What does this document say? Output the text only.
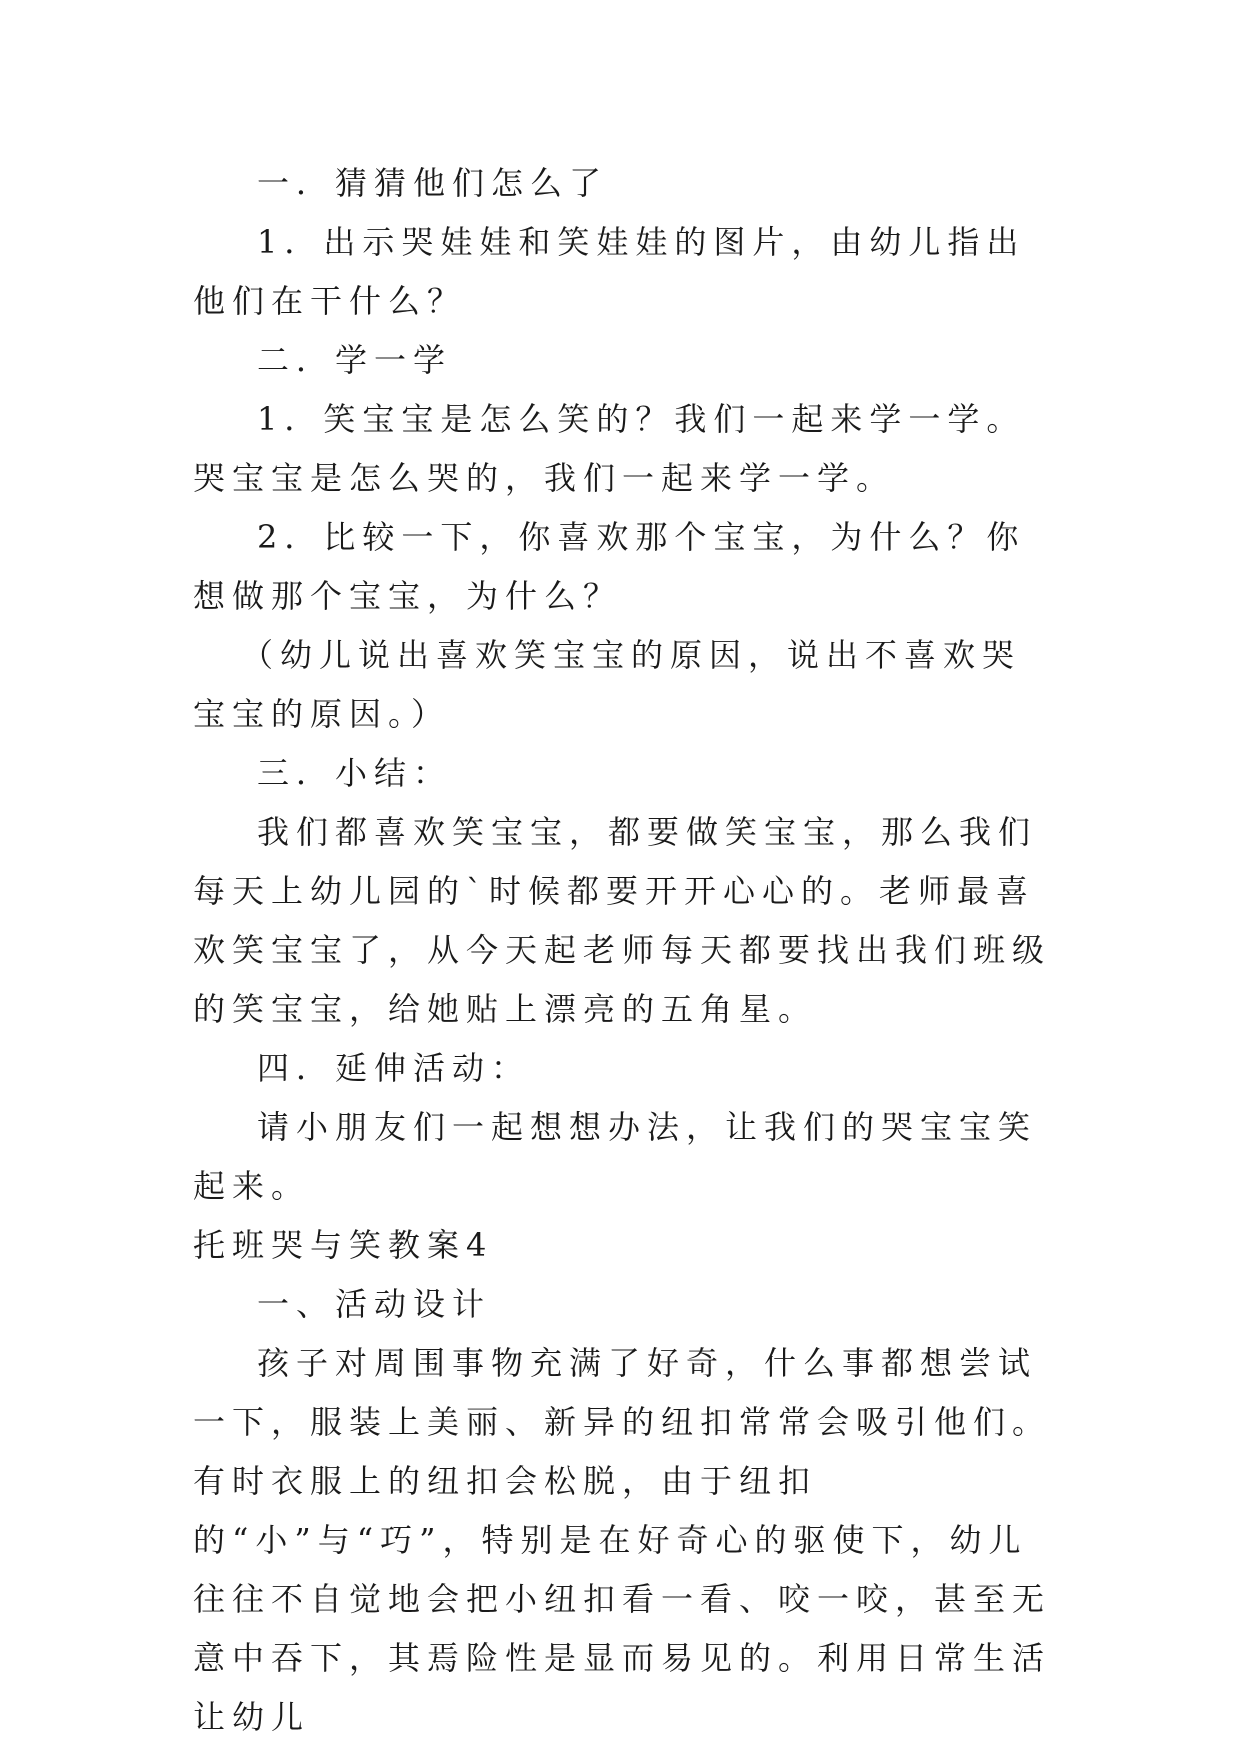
一．猜猜他们怎么了

1．出示哭娃娃和笑娃娃的图片，由幼儿指出他们在干什么？

二．学一学

1．笑宝宝是怎么笑的？我们一起来学一学。哭宝宝是怎么哭的，我们一起来学一学。

2．比较一下，你喜欢那个宝宝，为什么？你想做那个宝宝，为什么？

（幼儿说出喜欢笑宝宝的原因，说出不喜欢哭宝宝的原因。）

三．小结：

我们都喜欢笑宝宝，都要做笑宝宝，那么我们每天上幼儿园的`时候都要开开心心的。老师最喜欢笑宝宝了，从今天起老师每天都要找出我们班级的笑宝宝，给她贴上漂亮的五角星。

四．延伸活动：

请小朋友们一起想想办法，让我们的哭宝宝笑起来。

托班哭与笑教案4

一、活动设计

孩子对周围事物充满了好奇，什么事都想尝试一下，服装上美丽、新异的纽扣常常会吸引他们。有时衣服上的纽扣会松脱，由于纽扣的“小”与“巧”，特别是在好奇心的驱使下，幼儿往往不自觉地会把小纽扣看一看、咬一咬，甚至无意中吞下，其焉险性是显而易见的。利用日常生活让幼儿
